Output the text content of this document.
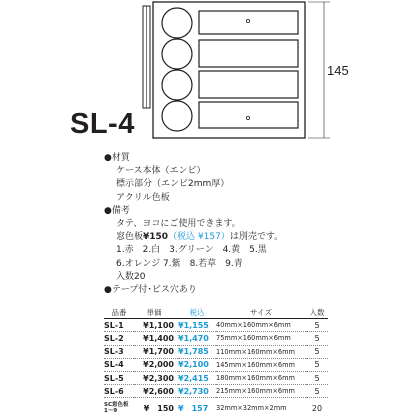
145
SL-4
●材質
ケース本体（エンビ）
標示部分（エンビ2mm厚）
アクリル色板
●備考
タテ、ヨコにご使用できます。
窓色板¥150（税込 ¥157）は別売です。
1.赤　2.白　3.グリーン　4.黄　5.黒
6.オレンジ 7.紫　8.若草　9.青
入数20
●テープ付･ビス穴あり
品番	単価	税込	サイズ	入数
SL-1	¥1,100	¥1,155	40mm×160mm×6mm	5
SL-2	¥1,400	¥1,470	75mm×160mm×6mm	5
SL-3	¥1,700	¥1,785	110mm×160mm×6mm	5
SL-4	¥2,000	¥2,100	145mm×160mm×6mm	5
SL-5	¥2,300	¥2,415	180mm×160mm×6mm	5
SL-6	¥2,600	¥2,730	215mm×160mm×6mm	5

SC窓色板
1～9	¥　150	¥　157	32mm×32mm×2mm	20
